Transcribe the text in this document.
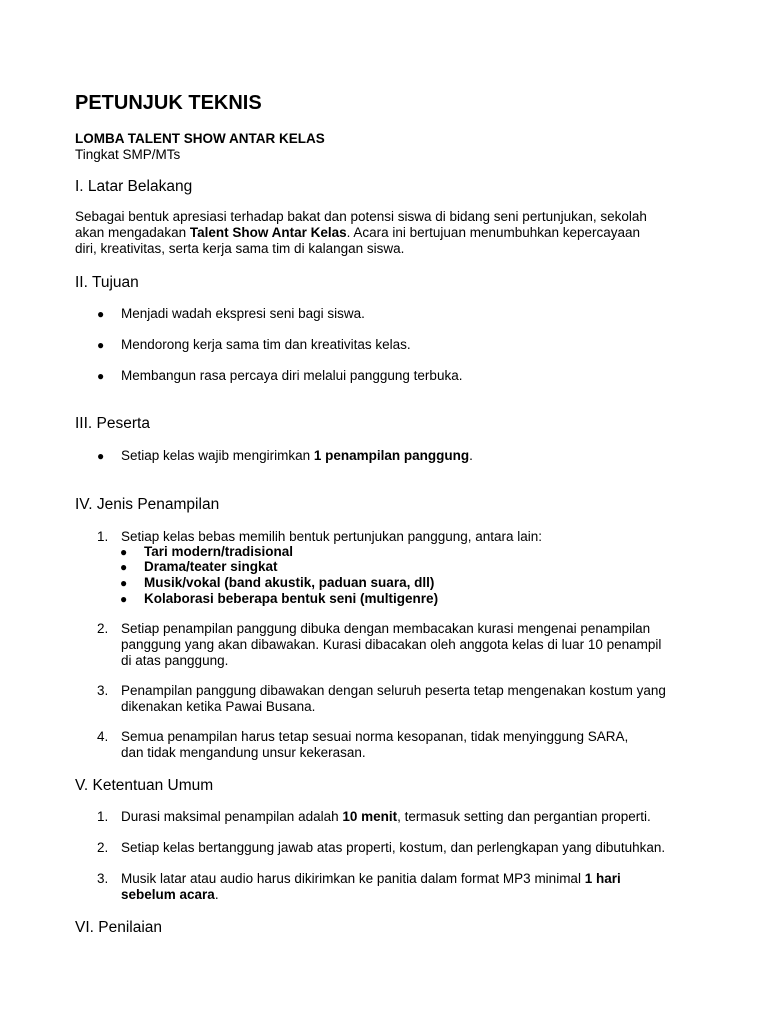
PETUNJUK TEKNIS
LOMBA TALENT SHOW ANTAR KELAS
Tingkat SMP/MTs
I. Latar Belakang
Sebagai bentuk apresiasi terhadap bakat dan potensi siswa di bidang seni pertunjukan, sekolah
akan mengadakan Talent Show Antar Kelas. Acara ini bertujuan menumbuhkan kepercayaan
diri, kreativitas, serta kerja sama tim di kalangan siswa.
II. Tujuan
● Menjadi wadah ekspresi seni bagi siswa.
● Mendorong kerja sama tim dan kreativitas kelas.
● Membangun rasa percaya diri melalui panggung terbuka.
III. Peserta
● Setiap kelas wajib mengirimkan 1 penampilan panggung.
IV. Jenis Penampilan
1. Setiap kelas bebas memilih bentuk pertunjukan panggung, antara lain:
● Tari modern/tradisional
● Drama/teater singkat
● Musik/vokal (band akustik, paduan suara, dll)
● Kolaborasi beberapa bentuk seni (multigenre)
2. Setiap penampilan panggung dibuka dengan membacakan kurasi mengenai penampilan
panggung yang akan dibawakan. Kurasi dibacakan oleh anggota kelas di luar 10 penampil
di atas panggung.
3. Penampilan panggung dibawakan dengan seluruh peserta tetap mengenakan kostum yang
dikenakan ketika Pawai Busana.
4. Semua penampilan harus tetap sesuai norma kesopanan, tidak menyinggung SARA,
dan tidak mengandung unsur kekerasan.
V. Ketentuan Umum
1. Durasi maksimal penampilan adalah 10 menit, termasuk setting dan pergantian properti.
2. Setiap kelas bertanggung jawab atas properti, kostum, dan perlengkapan yang dibutuhkan.
3. Musik latar atau audio harus dikirimkan ke panitia dalam format MP3 minimal 1 hari
sebelum acara.
VI. Penilaian
